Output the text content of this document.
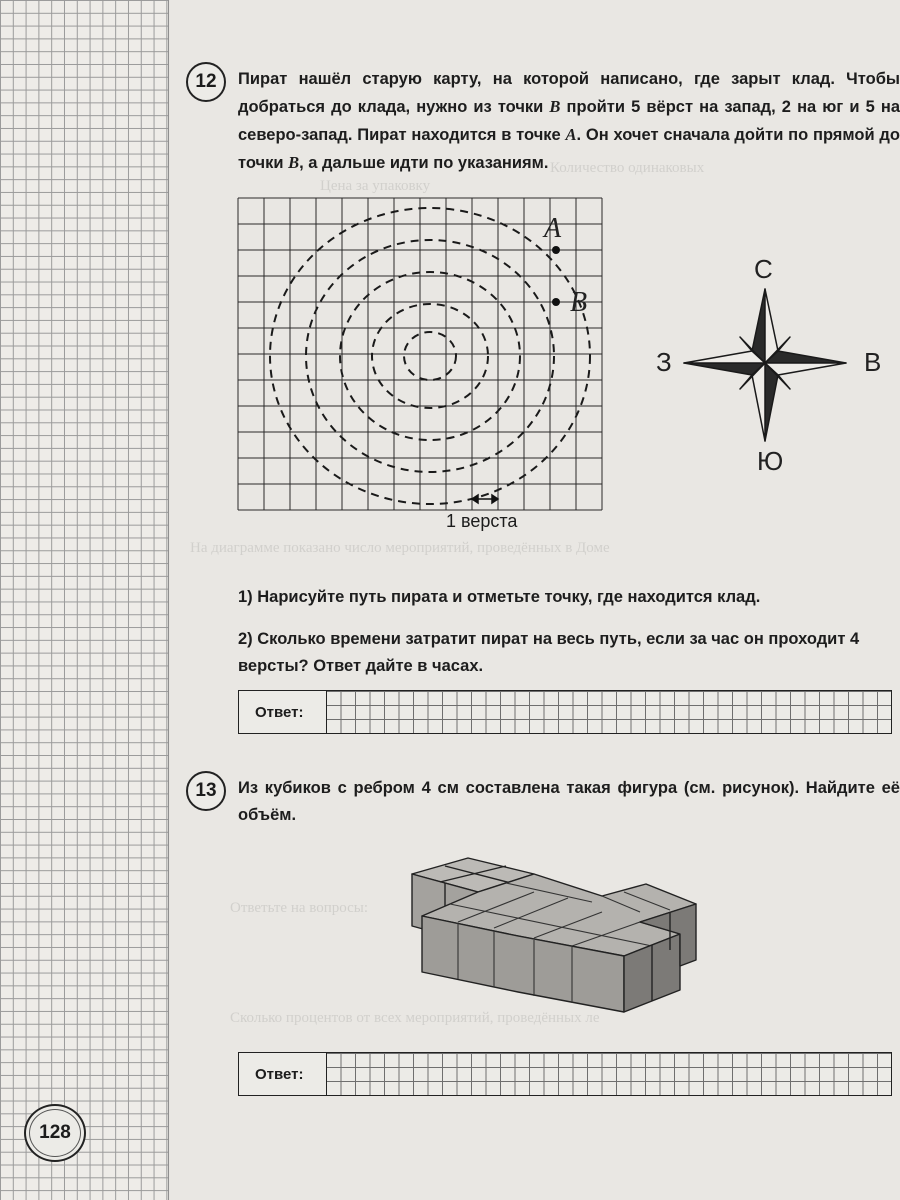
Количество одинаковых
Цена за упаковку
На диаграмме показано число мероприятий, проведённых в Доме
Ответьте на вопросы:
Сколько процентов от всех мероприятий, проведённых ле
12	Пират нашёл старую карту, на которой написано, где зарыт клад. Чтобы добраться до клада, нужно из точки B пройти 5 вёрст на запад, 2 на юг и 5 на северо-запад. Пират находится в точке A. Он хочет сначала дойти по прямой до точки B, а дальше идти по указаниям.
A
B
1 верста
С
Ю
З	В
1) Нарисуйте путь пирата и отметьте точку, где находится клад.
2) Сколько времени затратит пират на весь путь, если за час он проходит 4 версты? Ответ дайте в часах.
Ответ:
13	Из кубиков с ребром 4 см составлена такая фигура (см. рисунок). Найдите её объём.
Ответ:
128
